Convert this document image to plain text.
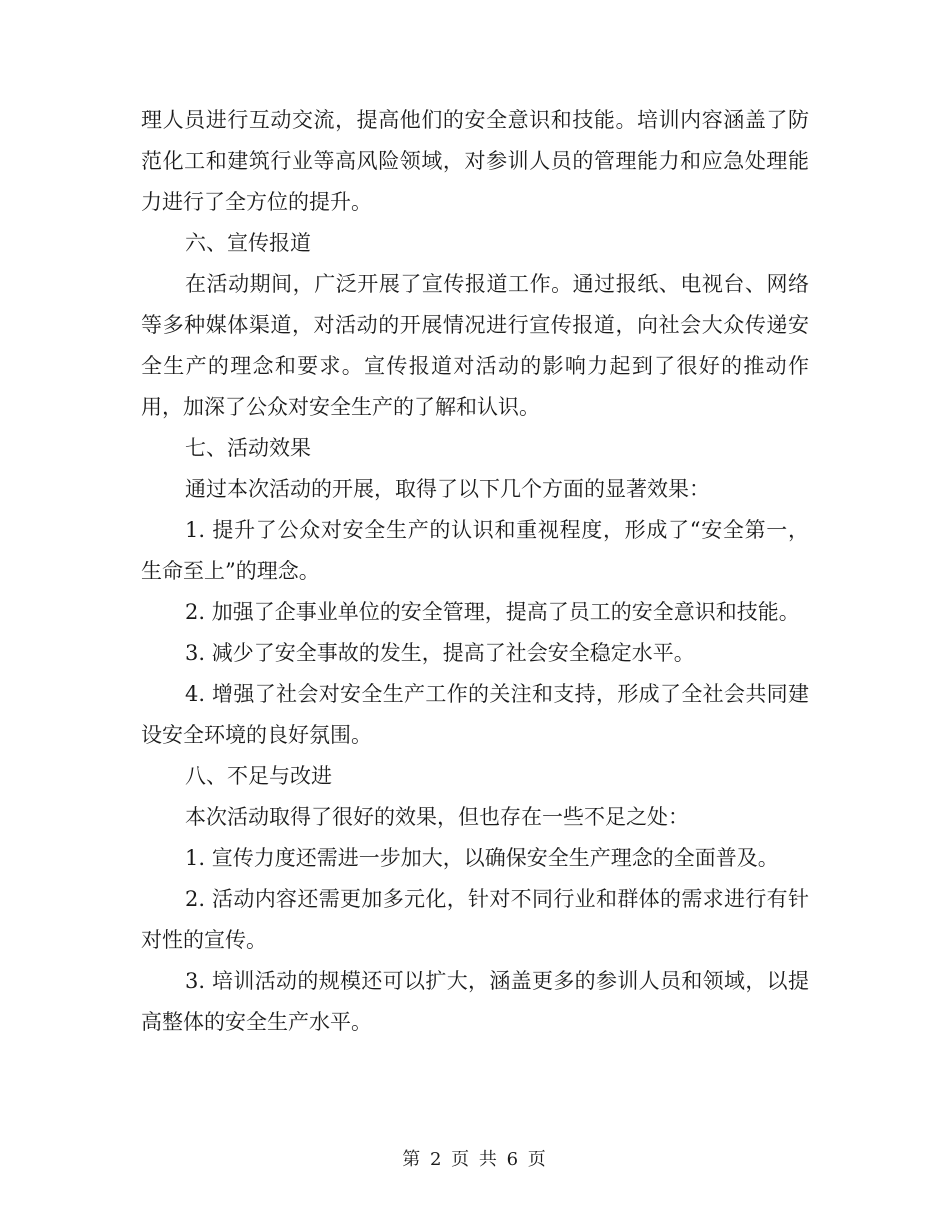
理人员进行互动交流，提高他们的安全意识和技能。培训内容涵盖了防范化工和建筑行业等高风险领域，对参训人员的管理能力和应急处理能力进行了全方位的提升。

六、宣传报道

在活动期间，广泛开展了宣传报道工作。通过报纸、电视台、网络等多种媒体渠道，对活动的开展情况进行宣传报道，向社会大众传递安全生产的理念和要求。宣传报道对活动的影响力起到了很好的推动作用，加深了公众对安全生产的了解和认识。

七、活动效果

通过本次活动的开展，取得了以下几个方面的显著效果：

1. 提升了公众对安全生产的认识和重视程度，形成了“安全第一，生命至上”的理念。

2. 加强了企事业单位的安全管理，提高了员工的安全意识和技能。

3. 减少了安全事故的发生，提高了社会安全稳定水平。

4. 增强了社会对安全生产工作的关注和支持，形成了全社会共同建设安全环境的良好氛围。

八、不足与改进

本次活动取得了很好的效果，但也存在一些不足之处：

1. 宣传力度还需进一步加大，以确保安全生产理念的全面普及。

2. 活动内容还需更加多元化，针对不同行业和群体的需求进行有针对性的宣传。

3. 培训活动的规模还可以扩大，涵盖更多的参训人员和领域，以提高整体的安全生产水平。

第 2 页 共 6 页
